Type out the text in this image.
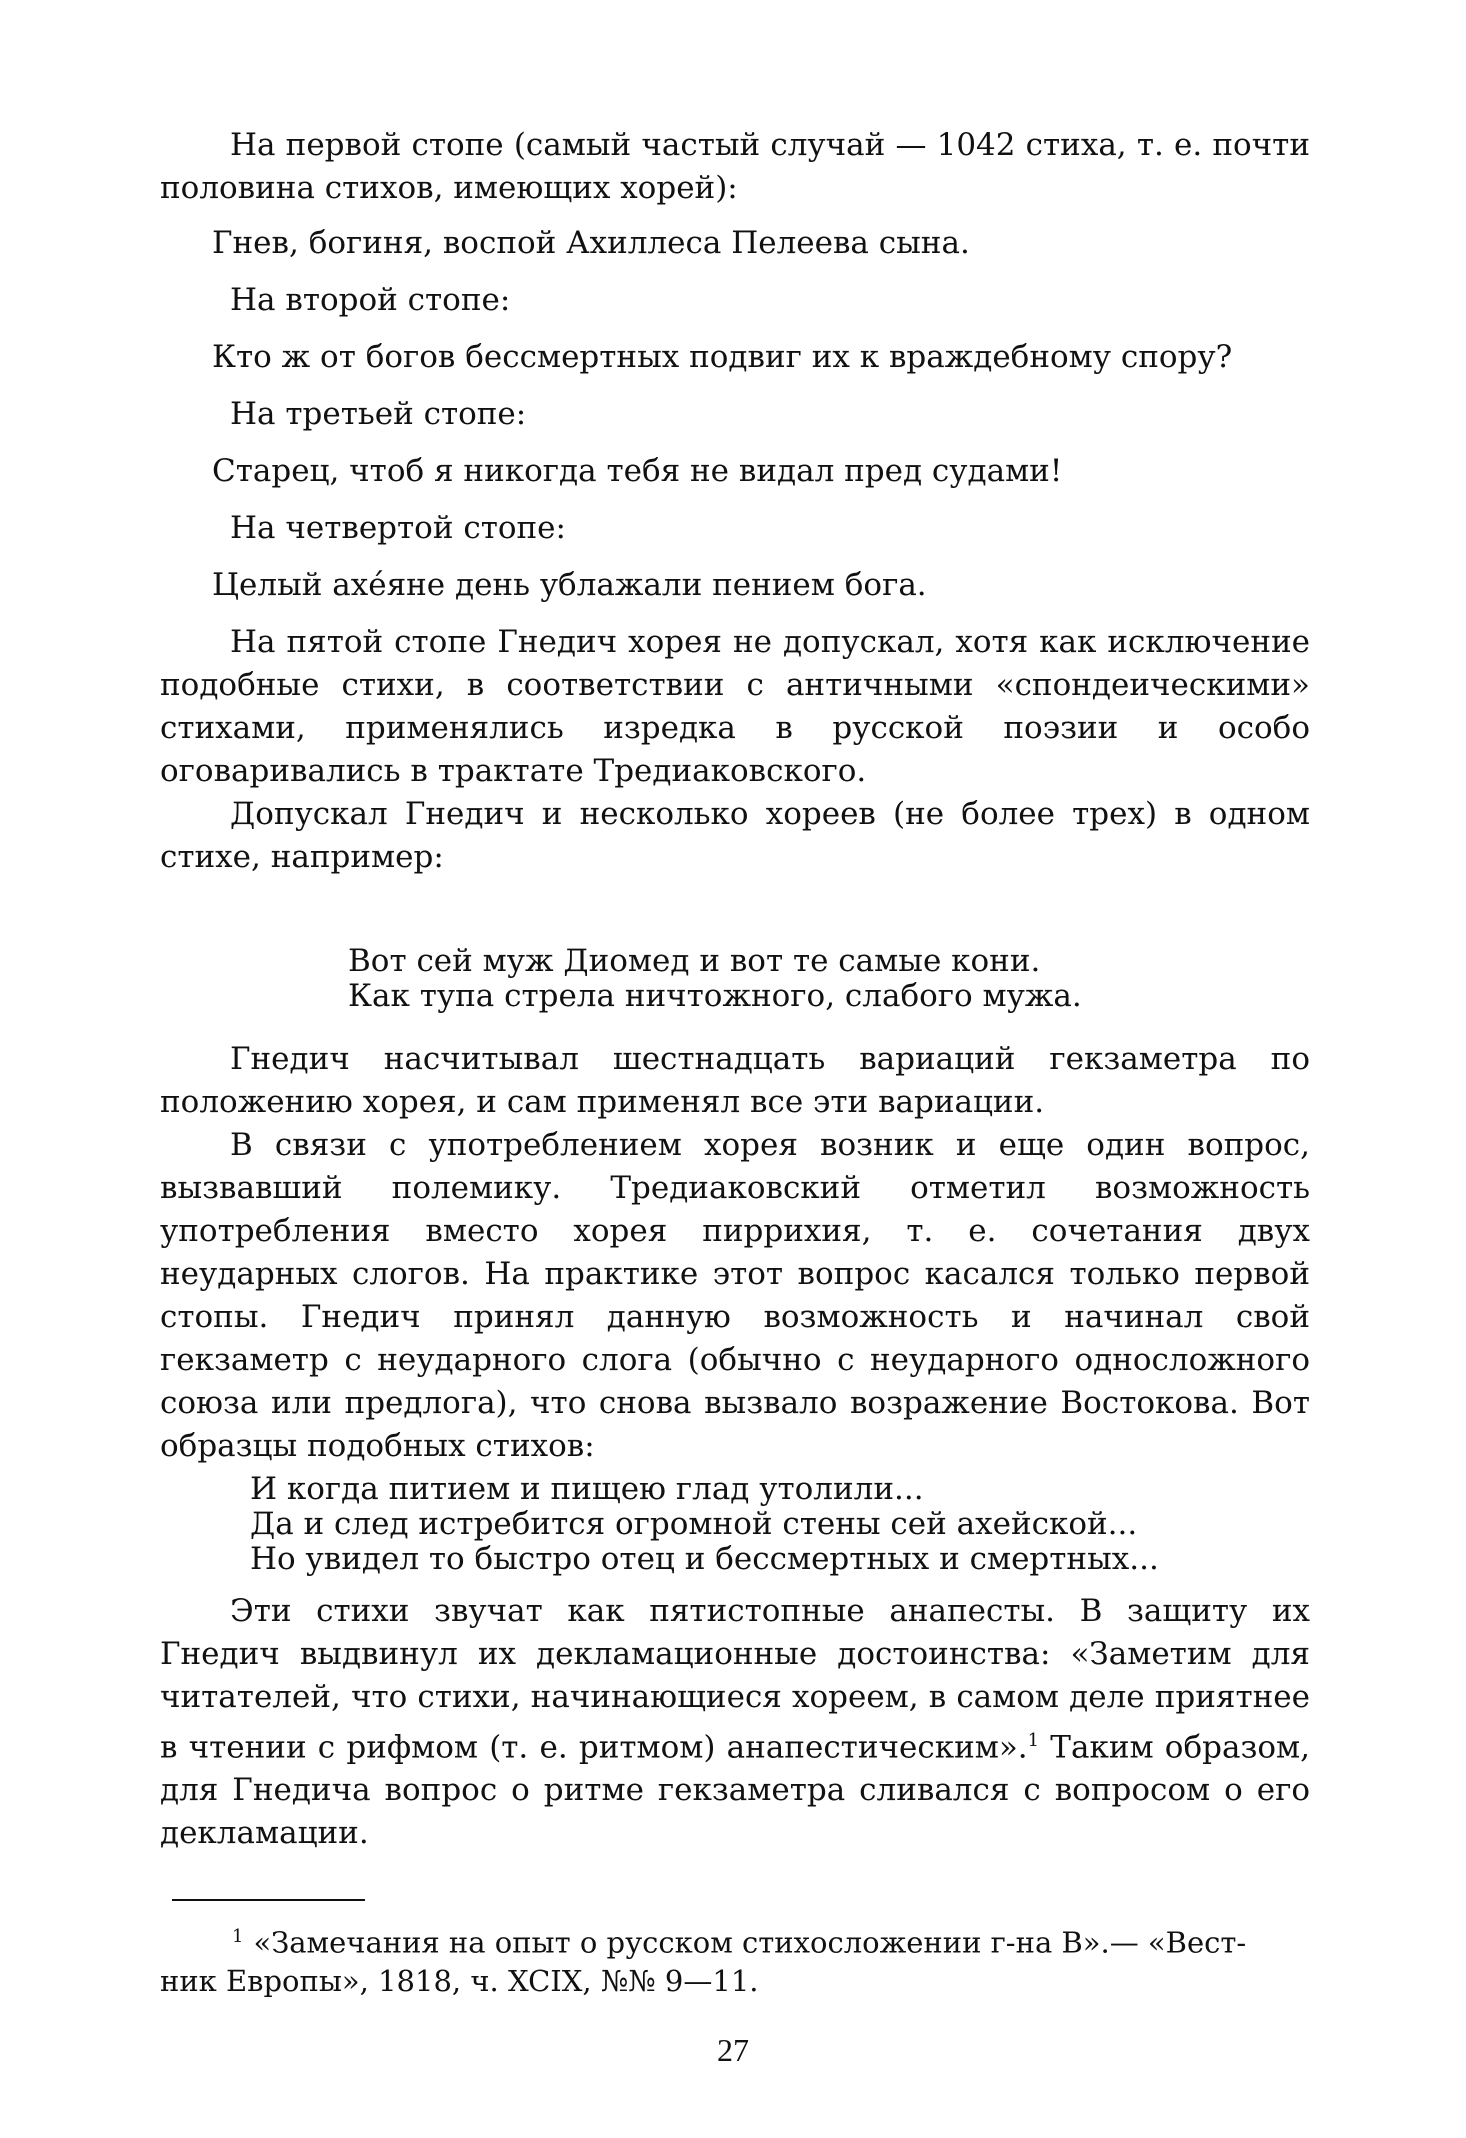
На первой стопе (самый частый случай — 1042 стиха, т. е. почти половина стихов, имеющих хорей):

Гнев, богиня, воспой Ахиллеса Пелеева сына.

На второй стопе:

Кто ж от богов бессмертных подвиг их к враждебному спору?

На третьей стопе:

Старец, чтоб я никогда тебя не видал пред судами!

На четвертой стопе:

Целый ахе́яне день ублажали пением бога.

На пятой стопе Гнедич хорея не допускал, хотя как исключение подобные стихи, в соответствии с античными «спондеическими» стихами, применялись изредка в русской поэзии и особо оговаривались в трактате Тредиаковского.

Допускал Гнедич и несколько хореев (не более трех) в одном стихе, например:

Вот сей муж Диомед и вот те самые кони.
Как тупа стрела ничтожного, слабого мужа.

Гнедич насчитывал шестнадцать вариаций гекзаметра по положению хорея, и сам применял все эти вариации.

В связи с употреблением хорея возник и еще один вопрос, вызвавший полемику. Тредиаковский отметил возможность употребления вместо хорея пиррихия, т. е. сочетания двух неударных слогов. На практике этот вопрос касался только первой стопы. Гнедич принял данную возможность и начинал свой гекзаметр с неударного слога (обычно с неударного односложного союза или предлога), что снова вызвало возражение Востокова. Вот образцы подобных стихов:

И когда питием и пищею глад утолили...
Да и след истребится огромной стены сей ахейской...
Но увидел то быстро отец и бессмертных и смертных...

Эти стихи звучат как пятистопные анапесты. В защиту их Гнедич выдвинул их декламационные достоинства: «Заметим для читателей, что стихи, начинающиеся хореем, в самом деле приятнее в чтении с рифмом (т. е. ритмом) анапестическим».$^1$ Таким образом, для Гнедича вопрос о ритме гекзаметра сливался с вопросом о его декламации.

$^1$ «Замечания на опыт о русском стихосложении г-на В».— «Вест-
ник Европы», 1818, ч. XCIX, №№ 9—11.
27
